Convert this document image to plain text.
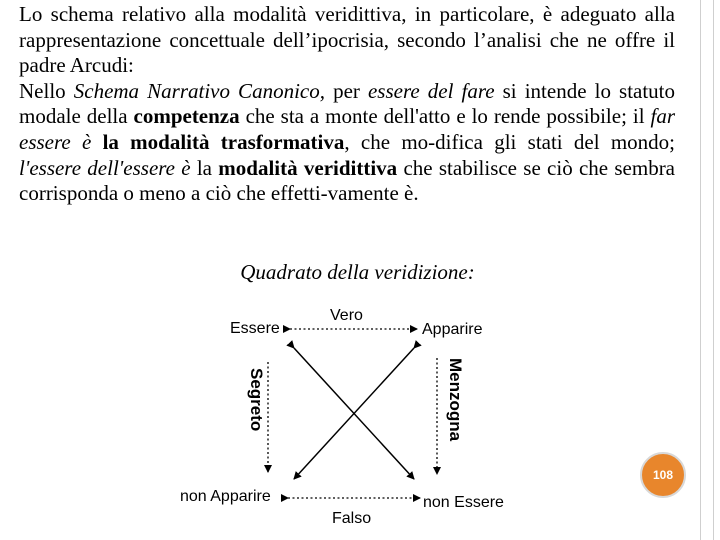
Lo schema relativo alla modalità veridittiva, in particolare, è adeguato alla rappresentazione concettuale dell’ipocrisia, secondo l’analisi che ne offre il padre Arcudi:

Nello Schema Narrativo Canonico, per essere del fare si intende lo statuto modale della competenza che sta a monte dell'atto e lo rende possibile; il far essere è la modalità trasformativa, che mo-difica gli stati del mondo; l'essere dell'essere è la modalità veridittiva che stabilisce se ciò che sembra corrisponda o meno a ciò che effetti-vamente è.

Quadrato della veridizione:
Essere	Apparire
non Apparire	non Essere
Vero
Falso
Segreto	Menzogna
108
